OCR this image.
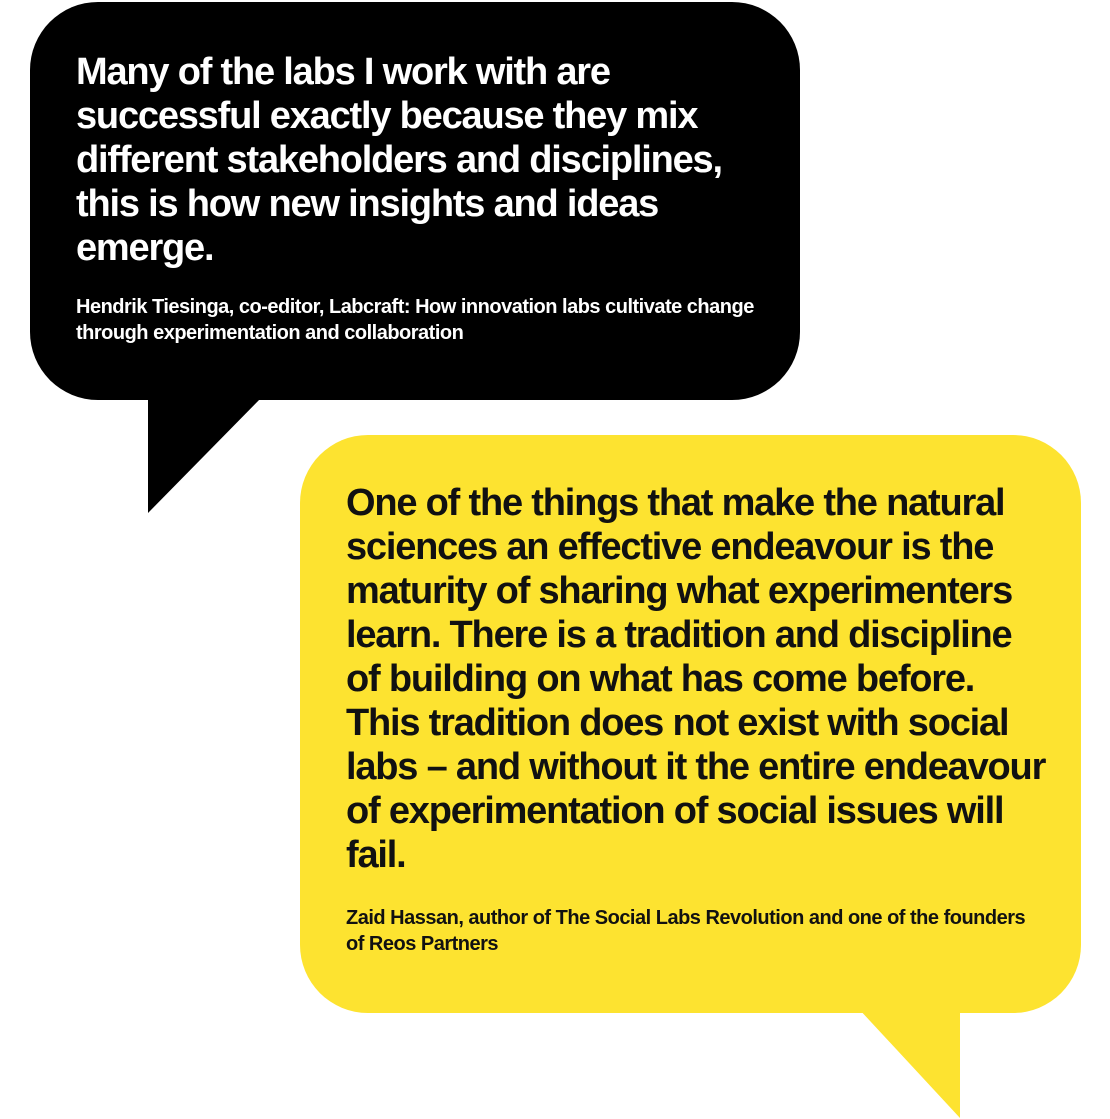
Many of the labs I work with are successful exactly because they mix different stakeholders and disciplines, this is how new insights and ideas emerge.

Hendrik Tiesinga, co-editor, Labcraft: How innovation labs cultivate change through experimentation and collaboration

One of the things that make the natural sciences an effective endeavour is the maturity of sharing what experimenters learn. There is a tradition and discipline of building on what has come before. This tradition does not exist with social labs – and without it the entire endeavour of experimentation of social issues will fail.

Zaid Hassan, author of The Social Labs Revolution and one of the founders of Reos Partners
